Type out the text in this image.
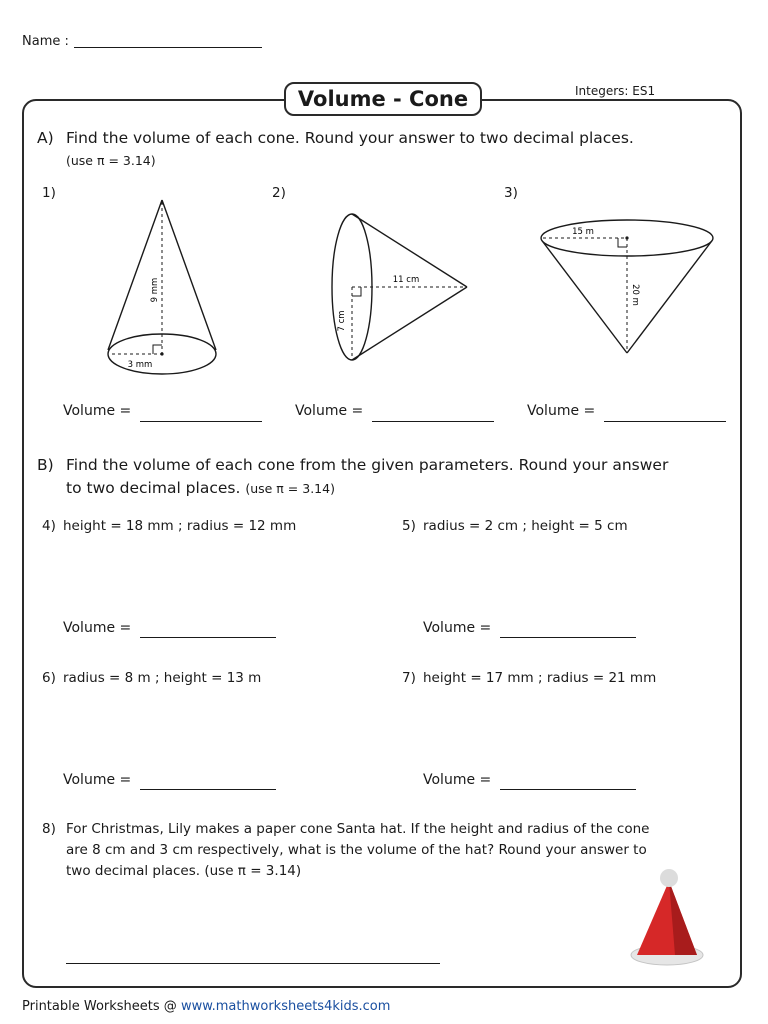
Name :
Volume - Cone	Integers: ES1
A) Find the volume of each cone. Round your answer to two decimal places.
(use π = 3.14)
1)	2)	3)
9 mm
3 mm
11 cm
7 cm
15 m
20 m
Volume =	Volume =	Volume =
B) Find the volume of each cone from the given parameters. Round your answer
to two decimal places. (use π = 3.14)
4) height = 18 mm ; radius = 12 mm	5) radius = 2 cm ; height = 5 cm
Volume =	Volume =
6) radius = 8 m ; height = 13 m	7) height = 17 mm ; radius = 21 mm
Volume =	Volume =
8) For Christmas, Lily makes a paper cone Santa hat. If the height and radius of the cone
are 8 cm and 3 cm respectively, what is the volume of the hat? Round your answer to
two decimal places. (use π = 3.14)
Printable Worksheets @ www.mathworksheets4kids.com
